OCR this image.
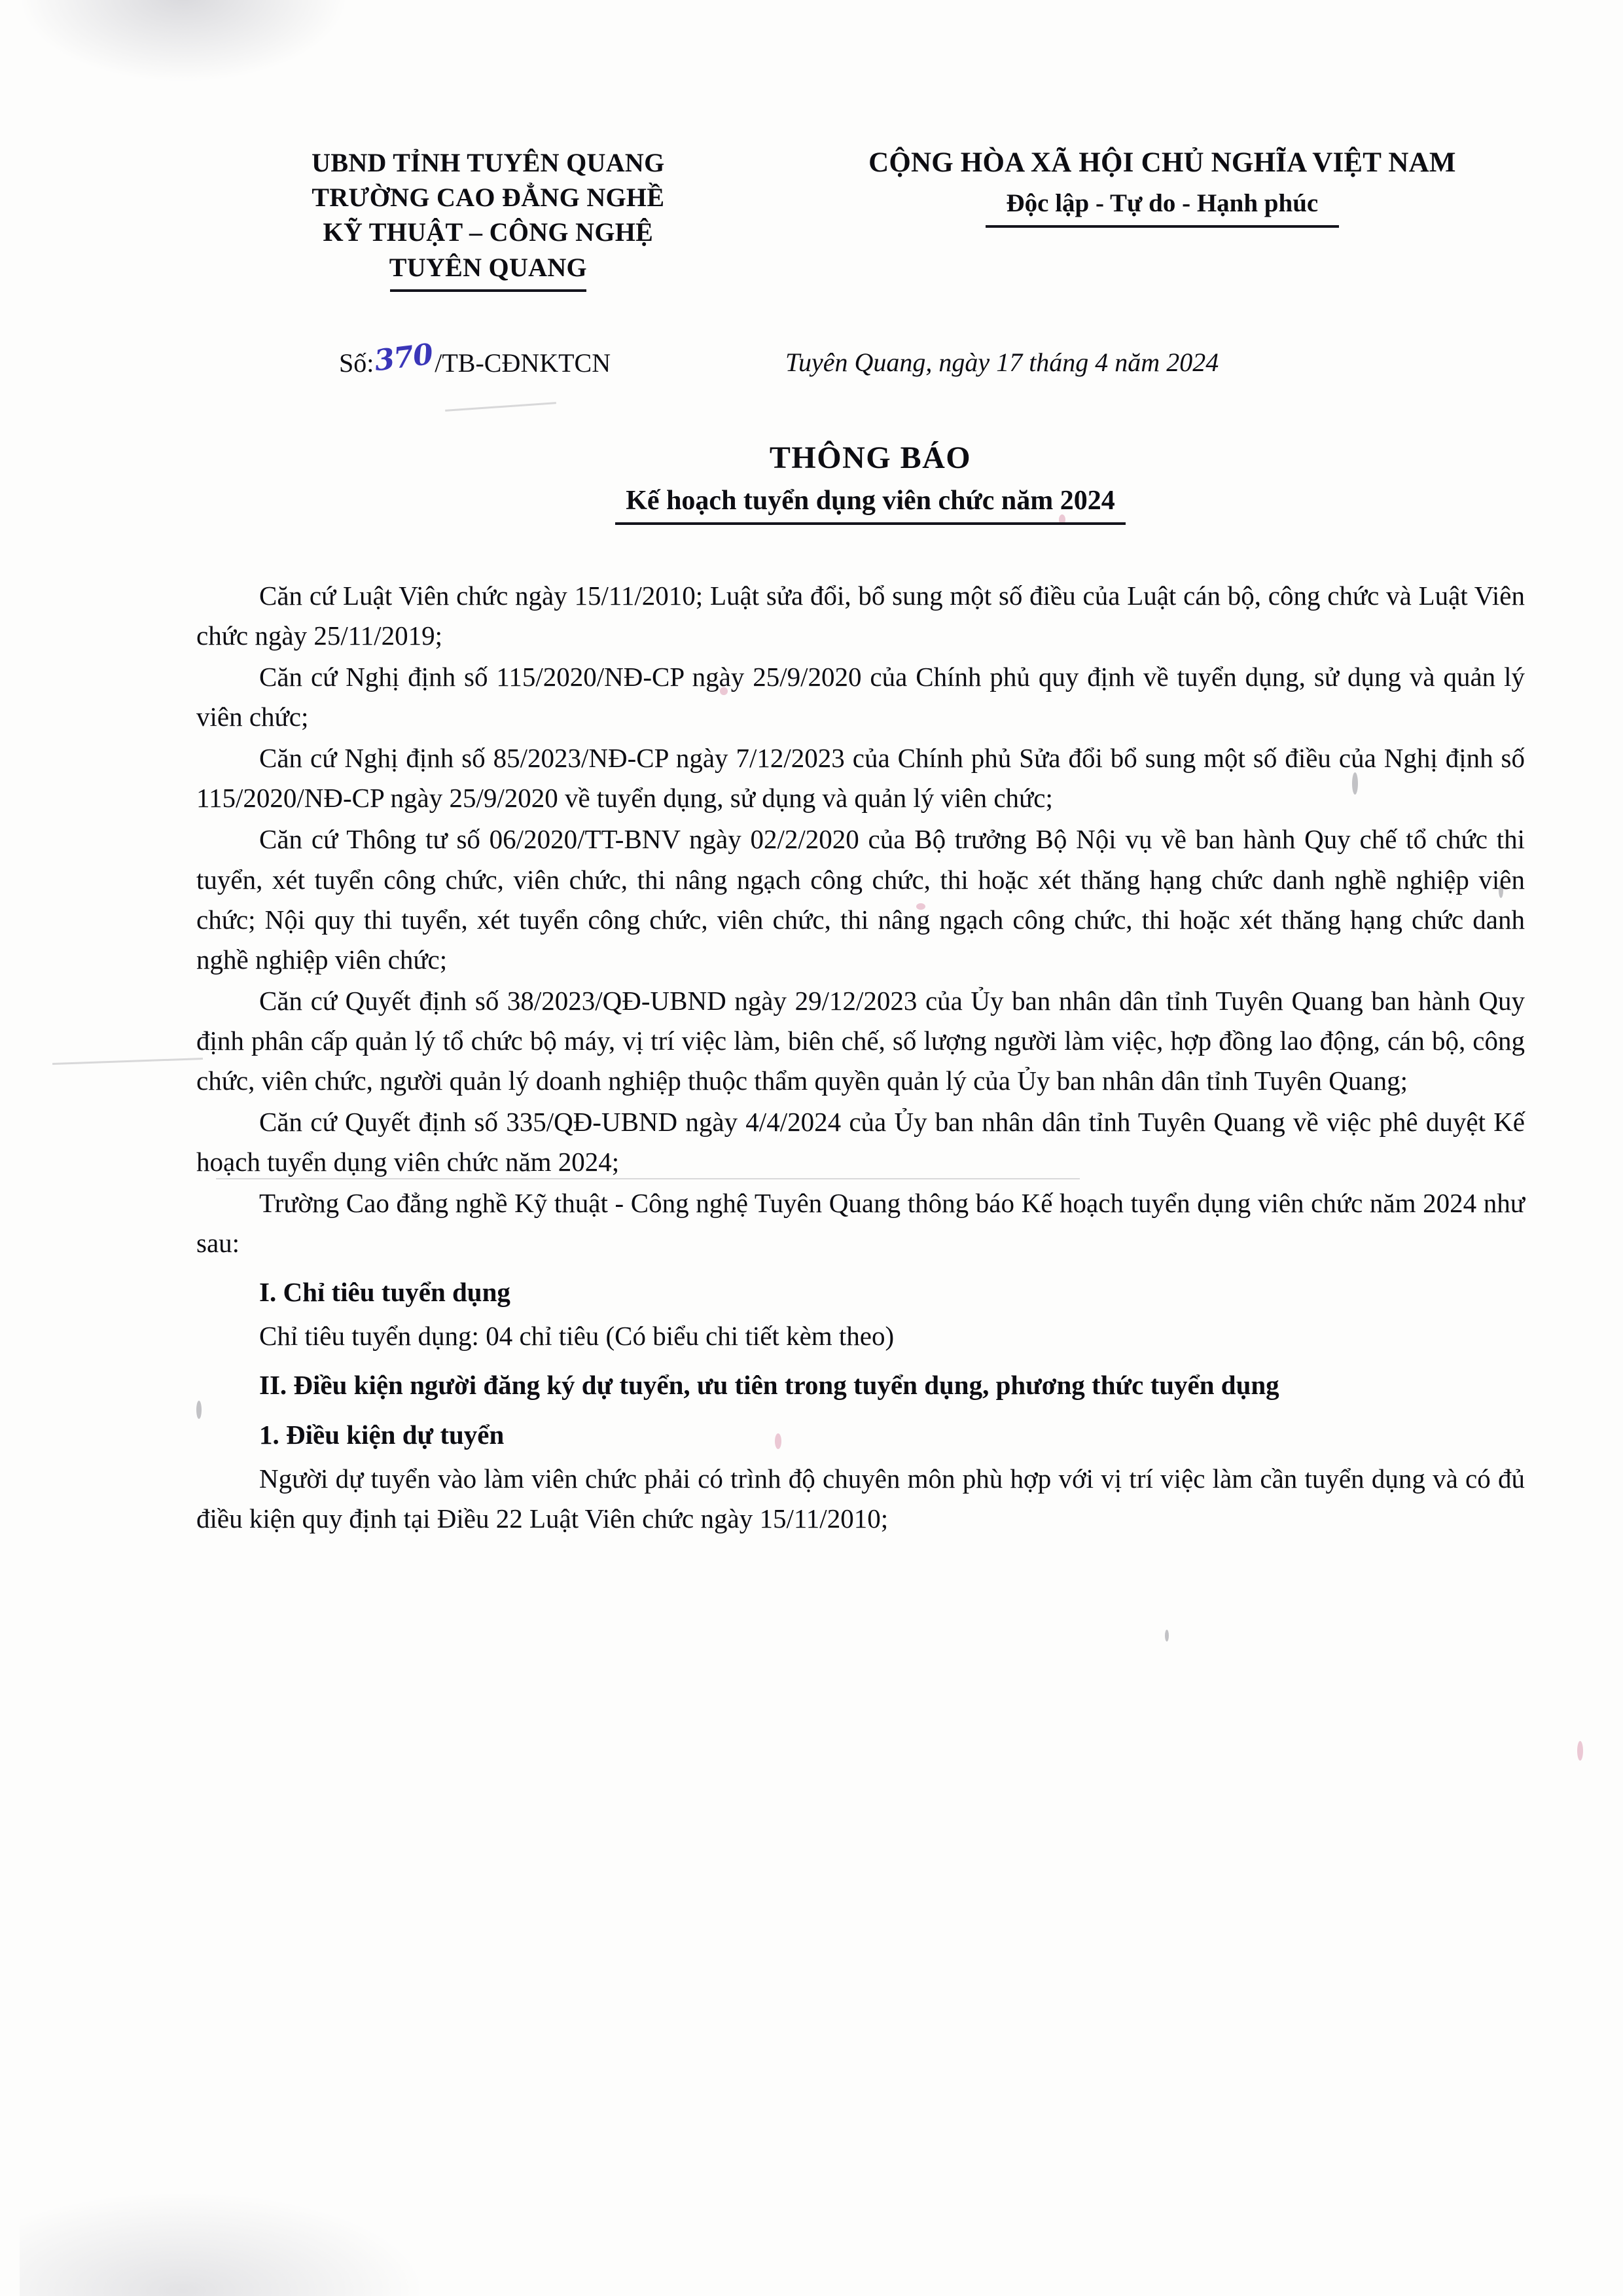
UBND TỈNH TUYÊN QUANG
TRƯỜNG CAO ĐẲNG NGHỀ
KỸ THUẬT – CÔNG NGHỆ
TUYÊN QUANG
CỘNG HÒA XÃ HỘI CHỦ NGHĨA VIỆT NAM
Độc lập - Tự do - Hạnh phúc
Số:370/TB-CĐNKTCN	Tuyên Quang, ngày 17 tháng 4 năm 2024
THÔNG BÁO
Kế hoạch tuyển dụng viên chức năm 2024

Căn cứ Luật Viên chức ngày 15/11/2010; Luật sửa đổi, bổ sung một số điều của Luật cán bộ, công chức và Luật Viên chức ngày 25/11/2019;

Căn cứ Nghị định số 115/2020/NĐ-CP ngày 25/9/2020 của Chính phủ quy định về tuyển dụng, sử dụng và quản lý viên chức;

Căn cứ Nghị định số 85/2023/NĐ-CP ngày 7/12/2023 của Chính phủ Sửa đổi bổ sung một số điều của Nghị định số 115/2020/NĐ-CP ngày 25/9/2020 về tuyển dụng, sử dụng và quản lý viên chức;

Căn cứ Thông tư số 06/2020/TT-BNV ngày 02/2/2020 của Bộ trưởng Bộ Nội vụ về ban hành Quy chế tổ chức thi tuyển, xét tuyển công chức, viên chức, thi nâng ngạch công chức, thi hoặc xét thăng hạng chức danh nghề nghiệp viên chức; Nội quy thi tuyển, xét tuyển công chức, viên chức, thi nâng ngạch công chức, thi hoặc xét thăng hạng chức danh nghề nghiệp viên chức;

Căn cứ Quyết định số 38/2023/QĐ-UBND ngày 29/12/2023 của Ủy ban nhân dân tỉnh Tuyên Quang ban hành Quy định phân cấp quản lý tổ chức bộ máy, vị trí việc làm, biên chế, số lượng người làm việc, hợp đồng lao động, cán bộ, công chức, viên chức, người quản lý doanh nghiệp thuộc thẩm quyền quản lý của Ủy ban nhân dân tỉnh Tuyên Quang;

Căn cứ Quyết định số 335/QĐ-UBND ngày 4/4/2024 của Ủy ban nhân dân tỉnh Tuyên Quang về việc phê duyệt Kế hoạch tuyển dụng viên chức năm 2024;

Trường Cao đẳng nghề Kỹ thuật - Công nghệ Tuyên Quang thông báo Kế hoạch tuyển dụng viên chức năm 2024 như sau:

I. Chỉ tiêu tuyển dụng

Chỉ tiêu tuyển dụng: 04 chỉ tiêu (Có biểu chi tiết kèm theo)

II. Điều kiện người đăng ký dự tuyển, ưu tiên trong tuyển dụng, phương thức tuyển dụng
1. Điều kiện dự tuyển

Người dự tuyển vào làm viên chức phải có trình độ chuyên môn phù hợp với vị trí việc làm cần tuyển dụng và có đủ điều kiện quy định tại Điều 22 Luật Viên chức ngày 15/11/2010;
